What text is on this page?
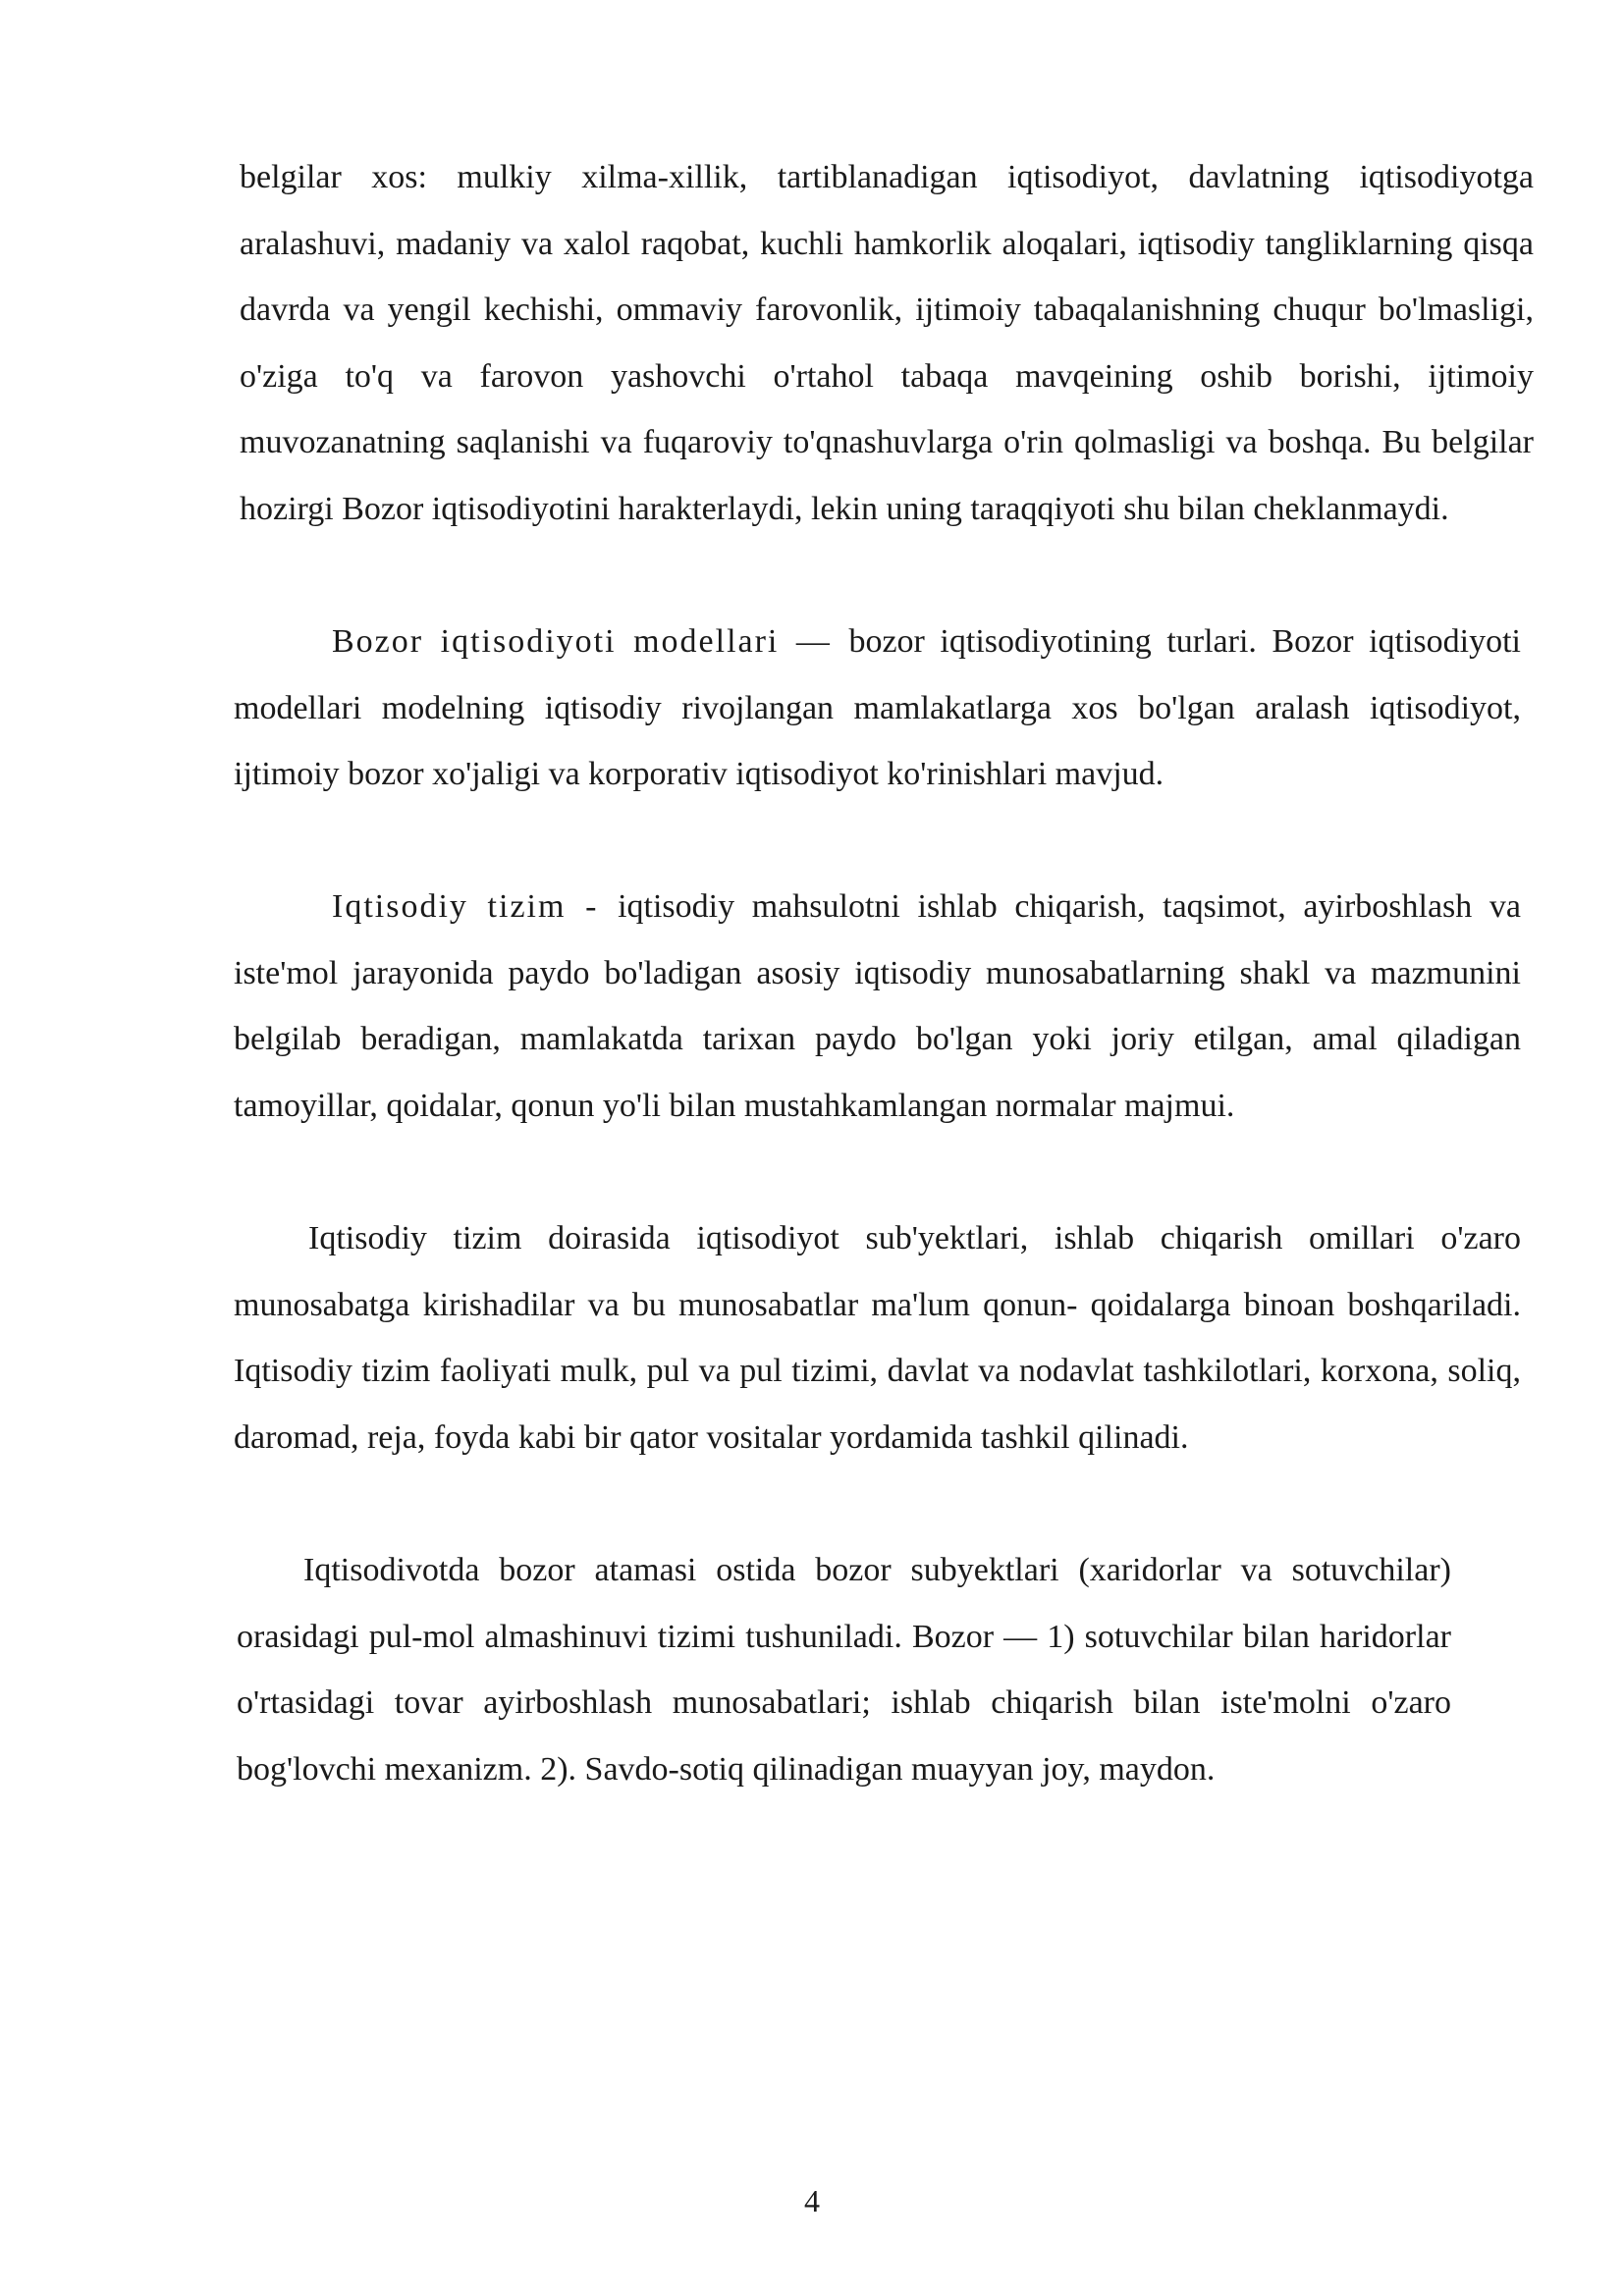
belgilar xos: mulkiy xilma-xillik, tartiblanadigan iqtisodiyot, davlatning iqtisodiyotga aralashuvi, madaniy va xalol raqobat, kuchli hamkorlik aloqalari, iqtisodiy tangliklarning qisqa davrda va yengil kechishi, ommaviy farovonlik, ijtimoiy tabaqalanishning chuqur bo'lmasligi, o'ziga to'q va farovon yashovchi o'rtahol tabaqa mavqeining oshib borishi, ijtimoiy muvozanatning saqlanishi va fuqaroviy to'qnashuvlarga o'rin qolmasligi va boshqa. Bu belgilar hozirgi Bozor iqtisodiyotini harakterlaydi, lekin uning taraqqiyoti shu bilan cheklanmaydi.

Bozor iqtisodiyoti modellari — bozor iqtisodiyotining turlari. Bozor iqtisodiyoti modellari modelning iqtisodiy rivojlangan mamlakatlarga xos bo'lgan aralash iqtisodiyot, ijtimoiy bozor xo'jaligi va korporativ iqtisodiyot ko'rinishlari mavjud.

Iqtisodiy tizim - iqtisodiy mahsulotni ishlab chiqarish, taqsimot, ayirboshlash va iste'mol jarayonida paydo bo'ladigan asosiy iqtisodiy munosabatlarning shakl va mazmunini belgilab beradigan, mamlakatda tarixan paydo bo'lgan yoki joriy etilgan, amal qiladigan tamoyillar, qoidalar, qonun yo'li bilan mustahkamlangan normalar majmui.

Iqtisodiy tizim doirasida iqtisodiyot sub'yektlari, ishlab chiqarish omillari o'zaro munosabatga kirishadilar va bu munosabatlar ma'lum qonun- qoidalarga binoan boshqariladi. Iqtisodiy tizim faoliyati mulk, pul va pul tizimi, davlat va nodavlat tashkilotlari, korxona, soliq, daromad, reja, foyda kabi bir qator vositalar yordamida tashkil qilinadi.

Iqtisodivotda bozor atamasi ostida bozor subyektlari (xaridorlar va sotuvchilar) orasidagi pul-mol almashinuvi tizimi tushuniladi. Bozor — 1) sotuvchilar bilan haridorlar o'rtasidagi tovar ayirboshlash munosabatlari; ishlab chiqarish bilan iste'molni o'zaro bog'lovchi mexanizm. 2). Savdo-sotiq qilinadigan muayyan joy, maydon.

4
